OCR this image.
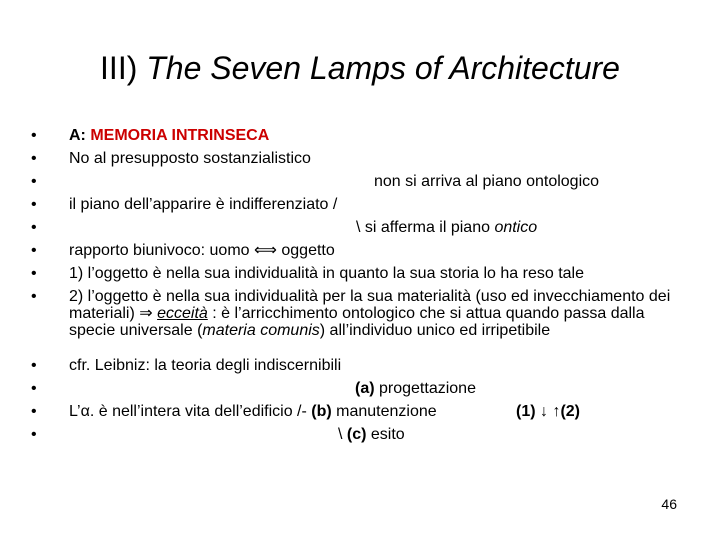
III) The Seven Lamps of Architecture
•
•
•
•
•
•
•
•
•
•
•
•
A: MEMORIA INTRINSECA
No al presupposto sostanzialistico
non si arriva al piano ontologico
il piano dell’apparire è indifferenziato /
\ si afferma il piano ontico
rapporto biunivoco: uomo ⟺ oggetto
1) l’oggetto è nella sua individualità in quanto la sua storia lo ha reso tale
2) l’oggetto è nella sua individualità per la sua materialità (uso ed invecchiamento dei materiali) ⇒ ecceità : è l’arricchimento ontologico che si attua quando passa dalla specie universale (materia comunis) all’individuo unico ed irripetibile
cfr. Leibniz: la teoria degli indiscernibili
(a) progettazione
L’α. è nell’intera vita dell’edificio /- (b) manutenzione	(1) ↓ ↑(2)
\ (c) esito
46
